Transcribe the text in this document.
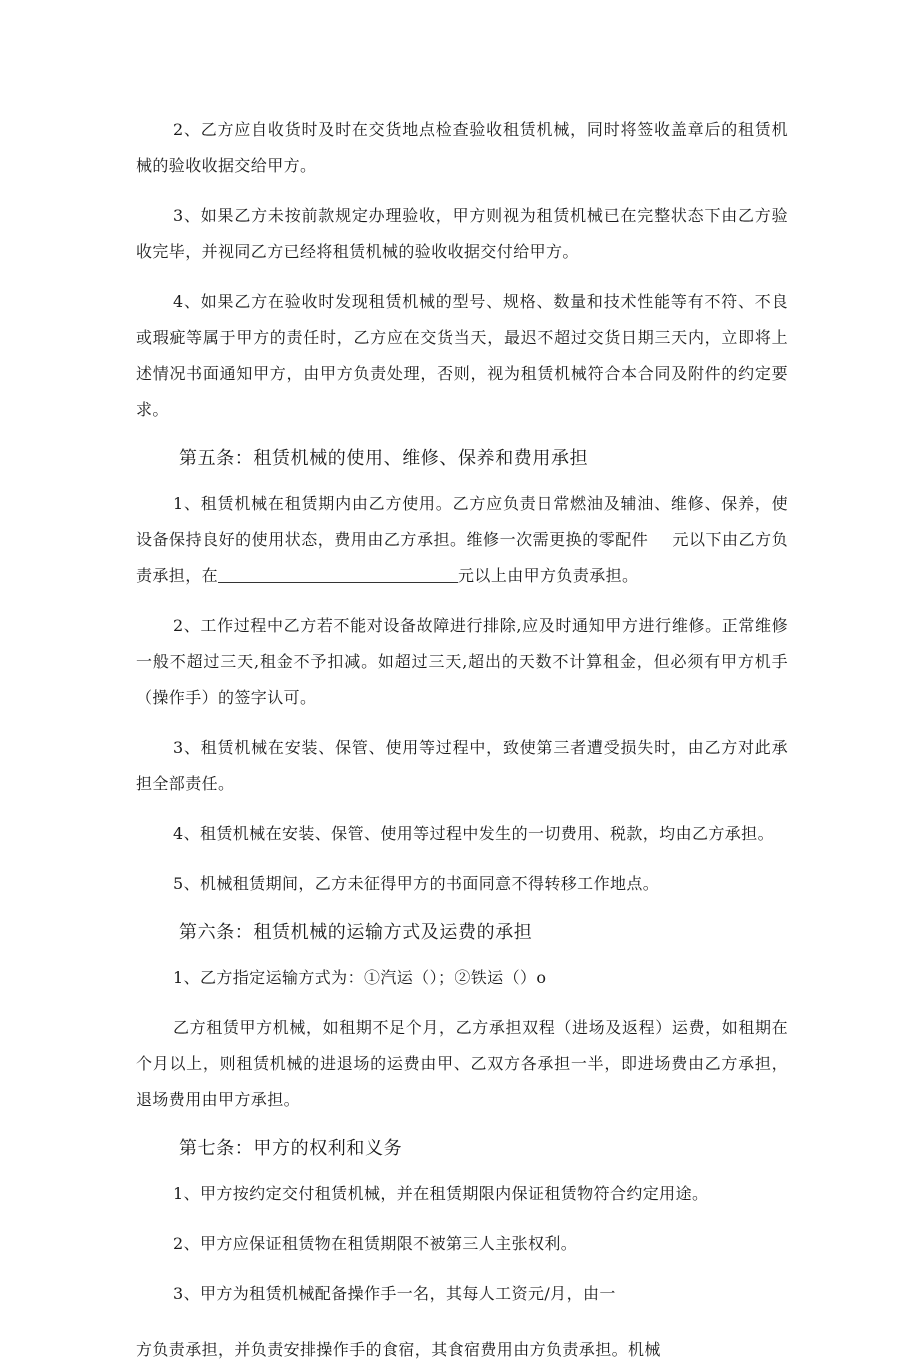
2、乙方应自收货时及时在交货地点检查验收租赁机械，同时将签收盖章后的租赁机械的验收收据交给甲方。

3、如果乙方未按前款规定办理验收，甲方则视为租赁机械已在完整状态下由乙方验收完毕，并视同乙方已经将租赁机械的验收收据交付给甲方。

4、如果乙方在验收时发现租赁机械的型号、规格、数量和技术性能等有不符、不良或瑕疵等属于甲方的责任时，乙方应在交货当天，最迟不超过交货日期三天内，立即将上述情况书面通知甲方，由甲方负责处理，否则，视为租赁机械符合本合同及附件的约定要求。

第五条：租赁机械的使用、维修、保养和费用承担

1、租赁机械在租赁期内由乙方使用。乙方应负责日常燃油及辅油、维修、保养，使设备保持良好的使用状态，费用由乙方承担。维修一次需更换的零配件 元以下由乙方负责承担，在	元以上由甲方负责承担。

2、工作过程中乙方若不能对设备故障进行排除,应及时通知甲方进行维修。正常维修一般不超过三天,租金不予扣减。如超过三天,超出的天数不计算租金，但必须有甲方机手（操作手）的签字认可。

3、租赁机械在安装、保管、使用等过程中，致使第三者遭受损失时，由乙方对此承担全部责任。

4、租赁机械在安装、保管、使用等过程中发生的一切费用、税款，均由乙方承担。

5、机械租赁期间，乙方未征得甲方的书面同意不得转移工作地点。

第六条：租赁机械的运输方式及运费的承担

1、乙方指定运输方式为：①汽运（）；②铁运（）o

乙方租赁甲方机械，如租期不足个月，乙方承担双程（进场及返程）运费，如租期在个月以上，则租赁机械的进退场的运费由甲、乙双方各承担一半，即进场费由乙方承担，退场费用由甲方承担。

第七条：甲方的权利和义务

1、甲方按约定交付租赁机械，并在租赁期限内保证租赁物符合约定用途。

2、甲方应保证租赁物在租赁期限不被第三人主张权利。

3、甲方为租赁机械配备操作手一名，其每人工资元/月，由一

方负责承担，并负责安排操作手的食宿，其食宿费用由方负责承担。机械
